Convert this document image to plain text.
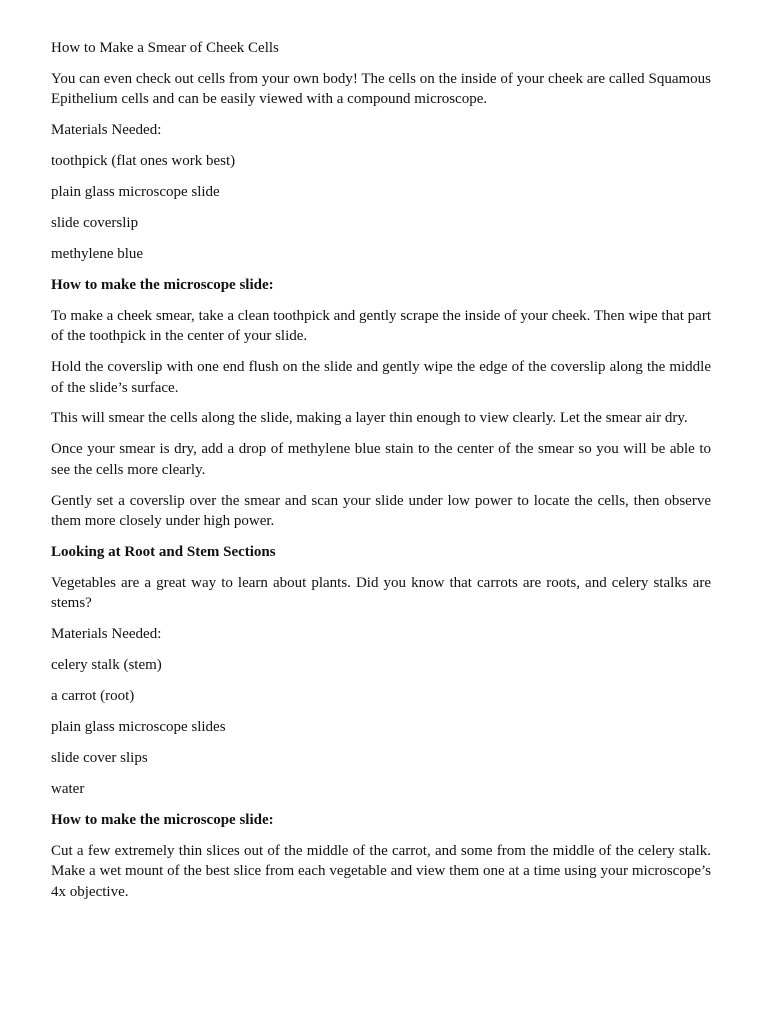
How to Make a Smear of Cheek Cells

You can even check out cells from your own body! The cells on the inside of your cheek are called Squamous Epithelium cells and can be easily viewed with a compound microscope.

Materials Needed:

toothpick (flat ones work best)

plain glass microscope slide

slide coverslip

methylene blue

How to make the microscope slide:

To make a cheek smear, take a clean toothpick and gently scrape the inside of your cheek. Then wipe that part of the toothpick in the center of your slide.

Hold the coverslip with one end flush on the slide and gently wipe the edge of the coverslip along the middle of the slide’s surface.

This will smear the cells along the slide, making a layer thin enough to view clearly. Let the smear air dry.

Once your smear is dry, add a drop of methylene blue stain to the center of the smear so you will be able to see the cells more clearly.

Gently set a coverslip over the smear and scan your slide under low power to locate the cells, then observe them more closely under high power.

Looking at Root and Stem Sections

Vegetables are a great way to learn about plants. Did you know that carrots are roots, and celery stalks are stems?

Materials Needed:

celery stalk (stem)

a carrot (root)

plain glass microscope slides

slide cover slips

water

How to make the microscope slide:

Cut a few extremely thin slices out of the middle of the carrot, and some from the middle of the celery stalk. Make a wet mount of the best slice from each vegetable and view them one at a time using your microscope’s 4x objective.
